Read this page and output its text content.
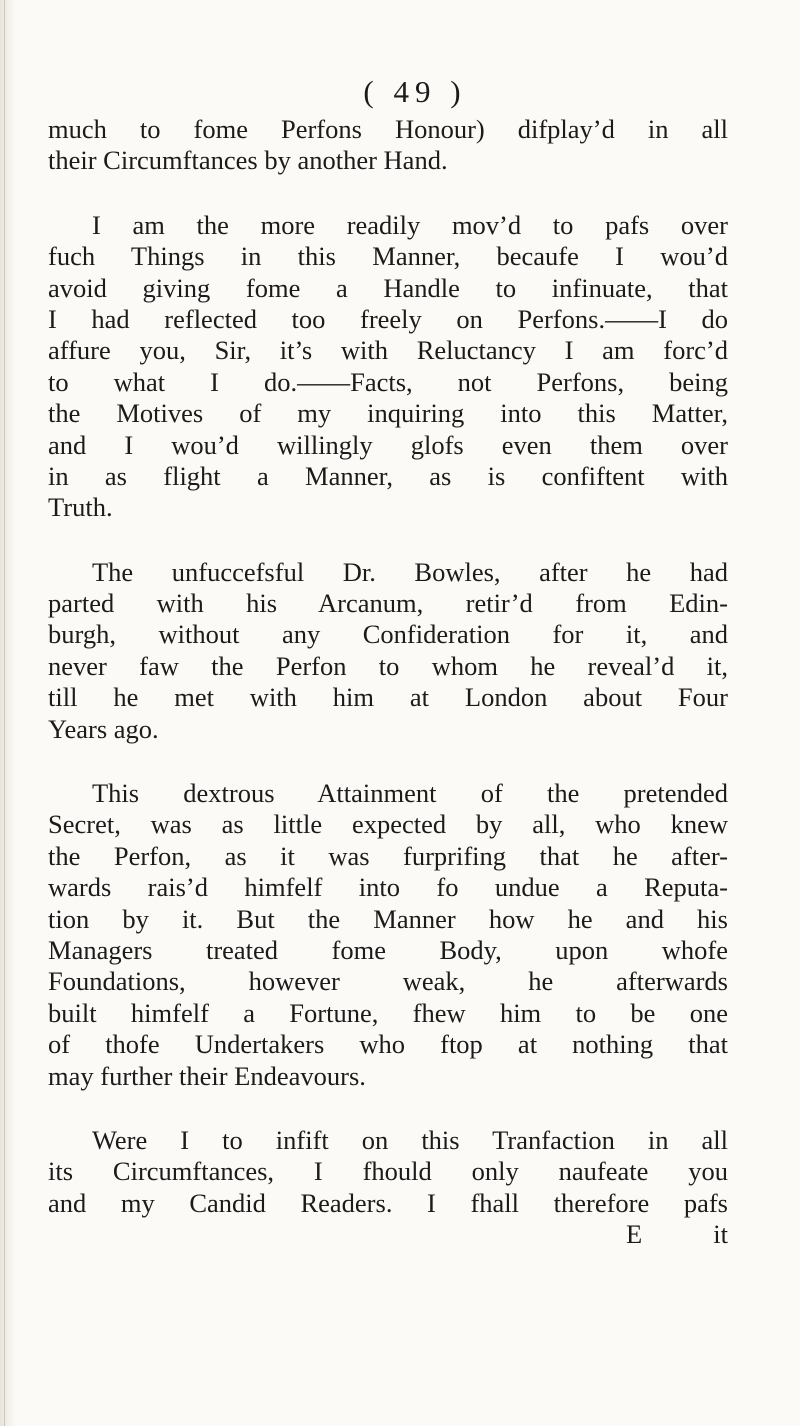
( 49 )

much to fome Perfons Honour) difplay’d in all
their Circumftances by another Hand.
I am the more readily mov’d to pafs over
fuch Things in this Manner, becaufe I wou’d
avoid giving fome a Handle to infinuate, that
I had reflected too freely on Perfons.——I do
affure you, Sir, it’s with Reluctancy I am forc’d
to what I do.——Facts, not Perfons, being
the Motives of my inquiring into this Matter,
and I wou’d willingly glofs even them over
in as flight a Manner, as is confiftent with
Truth.
The unfuccefsful Dr. Bowles, after he had
parted with his Arcanum, retir’d from Edin-
burgh, without any Confideration for it, and
never faw the Perfon to whom he reveal’d it,
till he met with him at London about Four
Years ago.
This dextrous Attainment of the pretended
Secret, was as little expected by all, who knew
the Perfon, as it was furprifing that he after-
wards rais’d himfelf into fo undue a Reputa-
tion by it. But the Manner how he and his
Managers treated fome Body, upon whofe
Foundations, however weak, he afterwards
built himfelf a Fortune, fhew him to be one
of thofe Undertakers who ftop at nothing that
may further their Endeavours.
Were I to infift on this Tranfaction in all
its Circumftances, I fhould only naufeate you
and my Candid Readers. I fhall therefore pafs
E	it
